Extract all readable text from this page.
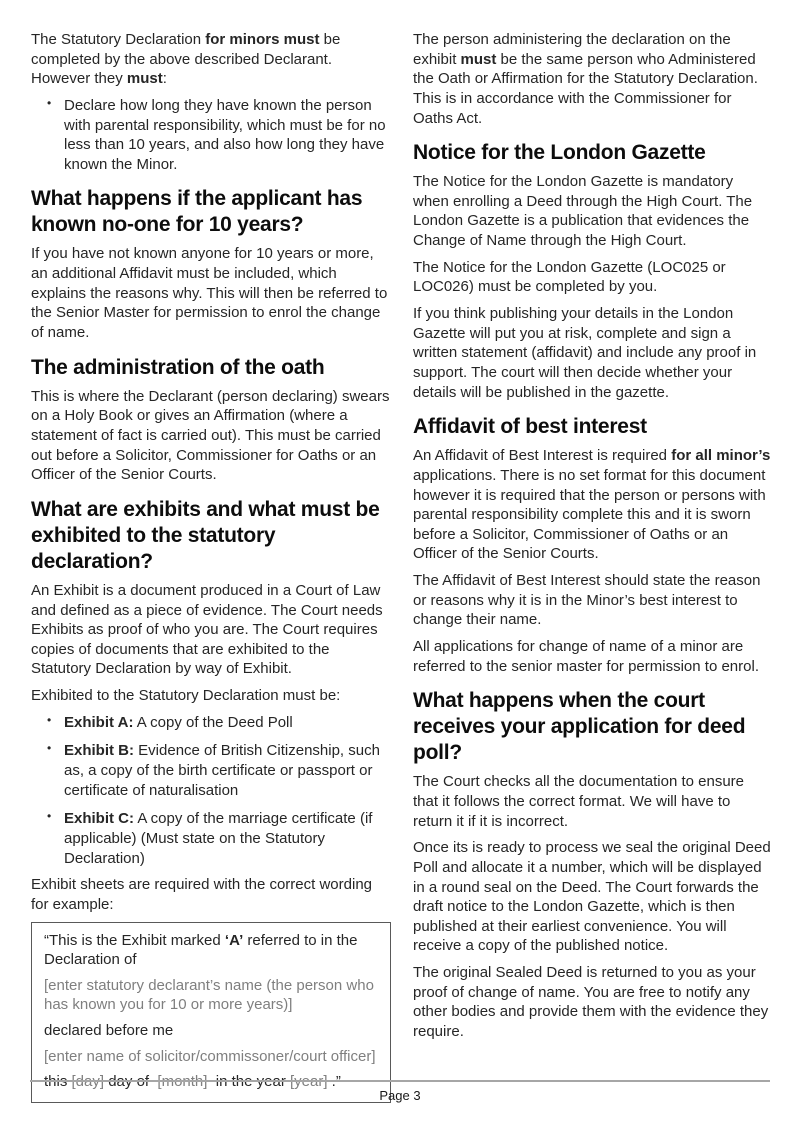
The Statutory Declaration for minors must be completed by the above described Declarant. However they must:

• Declare how long they have known the person with parental responsibility, which must be for no less than 10 years, and also how long they have known the Minor.
What happens if the applicant has known no-one for 10 years?

If you have not known anyone for 10 years or more, an additional Affidavit must be included, which explains the reasons why. This will then be referred to the Senior Master for permission to enrol the change of name.

The administration of the oath

This is where the Declarant (person declaring) swears on a Holy Book or gives an Affirmation (where a statement of fact is carried out). This must be carried out before a Solicitor, Commissioner for Oaths or an Officer of the Senior Courts.

What are exhibits and what must be exhibited to the statutory declaration?

An Exhibit is a document produced in a Court of Law and defined as a piece of evidence. The Court needs Exhibits as proof of who you are. The Court requires copies of documents that are exhibited to the Statutory Declaration by way of Exhibit.

Exhibited to the Statutory Declaration must be:

• Exhibit A: A copy of the Deed Poll
• Exhibit B: Evidence of British Citizenship, such as, a copy of the birth certificate or passport or certificate of naturalisation
• Exhibit C: A copy of the marriage certificate (if applicable) (Must state on the Statutory Declaration)

Exhibit sheets are required with the correct wording for example:

“This is the Exhibit marked ‘A’ referred to in the Declaration of

[enter statutory declarant’s name (the person who has known you for 10 or more years)]

declared before me

[enter name of solicitor/commissoner/court officer]

The person administering the declaration on the exhibit must be the same person who Administered the Oath or Affirmation for the Statutory Declaration. This is in accordance with the Commissioner for Oaths Act.

Notice for the London Gazette

The Notice for the London Gazette is mandatory when enrolling a Deed through the High Court. The London Gazette is a publication that evidences the Change of Name through the High Court.

The Notice for the London Gazette (LOC025 or LOC026) must be completed by you.

If you think publishing your details in the London Gazette will put you at risk, complete and sign a written statement (affidavit) and include any proof in support. The court will then decide whether your details will be published in the gazette.

Affidavit of best interest

An Affidavit of Best Interest is required for all minor’s applications. There is no set format for this document however it is required that the person or persons with parental responsibility complete this and it is sworn before a Solicitor, Commissioner of Oaths or an Officer of the Senior Courts.

The Affidavit of Best Interest should state the reason or reasons why it is in the Minor’s best interest to change their name.

All applications for change of name of a minor are referred to the senior master for permission to enrol.

What happens when the court receives your application for deed poll?

The Court checks all the documentation to ensure that it follows the correct format. We will have to return it if it is incorrect.

Once its is ready to process we seal the original Deed Poll and allocate it a number, which will be displayed in a round seal on the Deed. The Court forwards the draft notice to the London Gazette, which is then published at their earliest convenience. You will receive a copy of the published notice.

The original Sealed Deed is returned to you as your proof of change of name. You are free to notify any other bodies and provide them with the evidence they require.

Page 3
